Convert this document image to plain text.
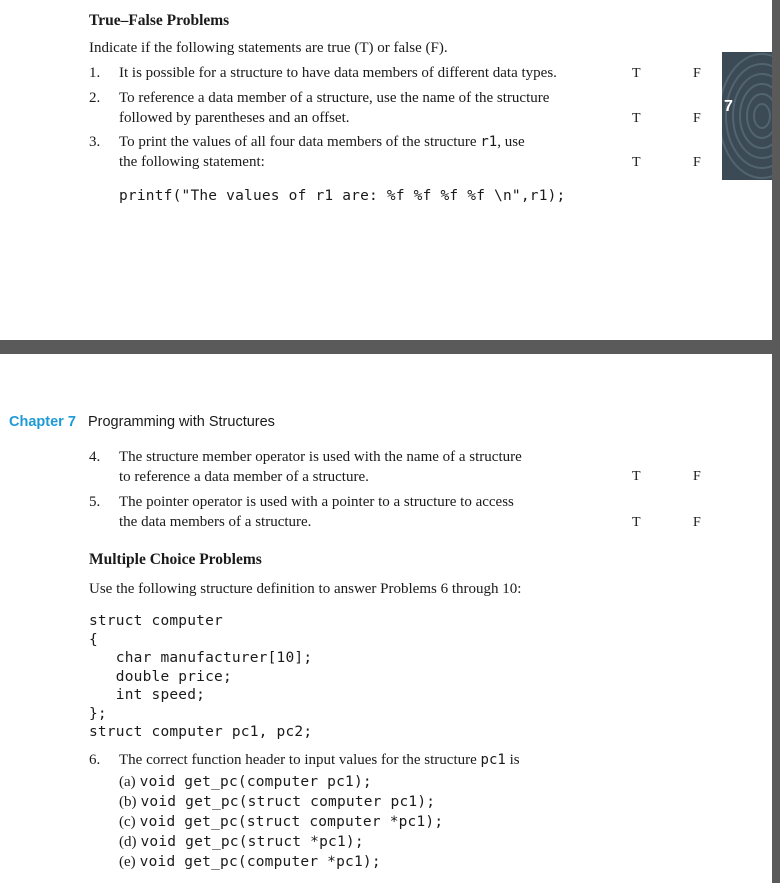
True–False Problems
Indicate if the following statements are true (T) or false (F).
1. It is possible for a structure to have data members of different data types.	T	F
2. To reference a data member of a structure, use the name of the structure
followed by parentheses and an offset.	T	F
3. To print the values of all four data members of the structure r1, use
the following statement:	T	F
printf("The values of r1 are: %f %f %f %f \n",r1);
7
Chapter 7 Programming with Structures
4. The structure member operator is used with the name of a structure
to reference a data member of a structure.	T	F
5. The pointer operator is used with a pointer to a structure to access
the data members of a structure.	T	F
Multiple Choice Problems
Use the following structure definition to answer Problems 6 through 10:
struct computer
{
char manufacturer[10];
double price;
int speed;
};
struct computer pc1, pc2;
6. The correct function header to input values for the structure pc1 is
(a) void get_pc(computer pc1);
(b) void get_pc(struct computer pc1);
(c) void get_pc(struct computer *pc1);
(d) void get_pc(struct *pc1);
(e) void get_pc(computer *pc1);
